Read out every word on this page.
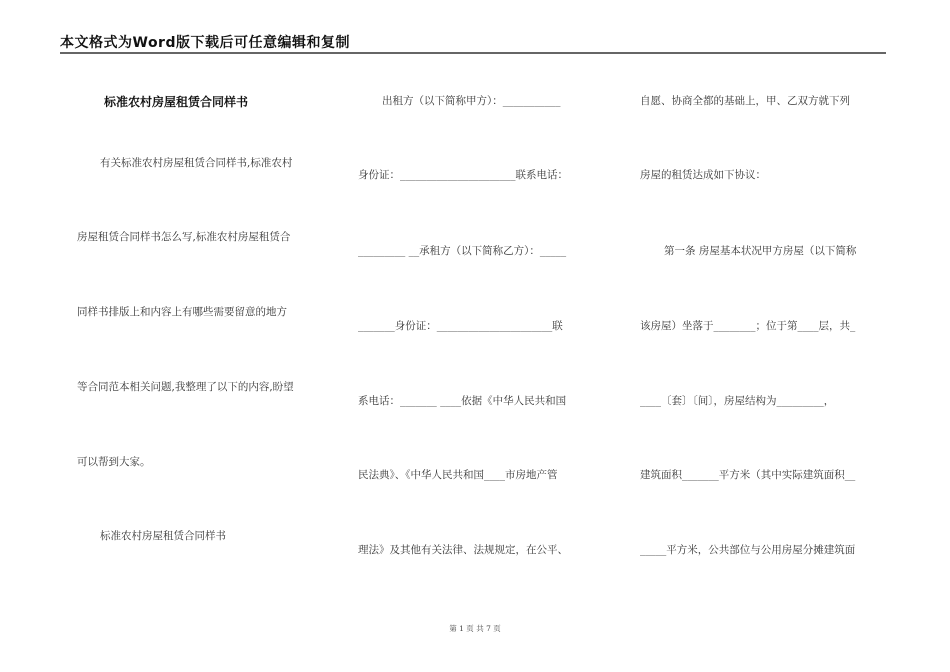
本文格式为Word版下载后可任意编辑和复制
标准农村房屋租赁合同样书
有关标准农村房屋租赁合同样书,标准农村
房屋租赁合同样书怎么写,标准农村房屋租赁合
同样书排版上和内容上有哪些需要留意的地方
等合同范本相关问题,我整理了以下的内容,盼望
可以帮到大家。
标准农村房屋租赁合同样书
出租方（以下简称甲方）：___________
身份证：______________________联系电话：
_________ __承租方（以下简称乙方）：_____
_______身份证：______________________联
系电话：_______ ____依据《中华人民共和国
民法典》、《中华人民共和国____市房地产管
理法》及其他有关法律、法规规定，在公平、
自愿、协商全都的基础上，甲、乙双方就下列
房屋的租赁达成如下协议：
第一条 房屋基本状况甲方房屋（以下简称
该房屋）坐落于________；位于第____层，共_
____〔套〕〔间〕，房屋结构为_________，
建筑面积_______平方米（其中实际建筑面积__
_____平方米，公共部位与公用房屋分摊建筑面
第 1 页 共 7 页
